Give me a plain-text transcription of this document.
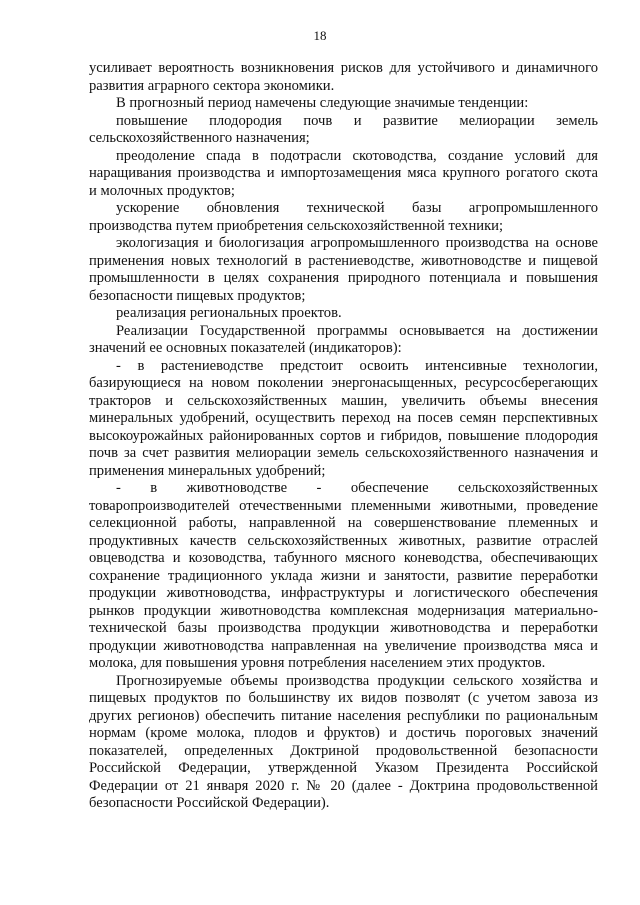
18
усиливает вероятность возникновения рисков для устойчивого и динамичного
развития аграрного сектора экономики.
В прогнозный период намечены следующие значимые тенденции:
повышение плодородия почв и развитие мелиорации земель
сельскохозяйственного назначения;
преодоление спада в подотрасли скотоводства, создание условий для
наращивания производства и импортозамещения мяса крупного рогатого скота
и молочных продуктов;
ускорение обновления технической базы агропромышленного
производства путем приобретения сельскохозяйственной техники;
экологизация и биологизация агропромышленного производства на основе
применения новых технологий в растениеводстве, животноводстве и пищевой
промышленности в целях сохранения природного потенциала и повышения
безопасности пищевых продуктов;
реализация региональных проектов.
Реализации Государственной программы основывается на достижении
значений ее основных показателей (индикаторов):
- в растениеводстве предстоит освоить интенсивные технологии,
базирующиеся на новом поколении энергонасыщенных, ресурсосберегающих
тракторов и сельскохозяйственных машин, увеличить объемы внесения
минеральных удобрений, осуществить переход на посев семян перспективных
высокоурожайных районированных сортов и гибридов, повышение плодородия
почв за счет развития мелиорации земель сельскохозяйственного назначения и
применения минеральных удобрений;
- в животноводстве - обеспечение сельскохозяйственных
товаропроизводителей отечественными племенными животными, проведение
селекционной работы, направленной на совершенствование племенных и
продуктивных качеств сельскохозяйственных животных, развитие отраслей
овцеводства и козоводства, табунного мясного коневодства, обеспечивающих
сохранение традиционного уклада жизни и занятости, развитие переработки
продукции животноводства, инфраструктуры и логистического обеспечения
рынков продукции животноводства комплексная модернизация материально-
технической базы производства продукции животноводства и переработки
продукции животноводства направленная на увеличение производства мяса и
молока, для повышения уровня потребления населением этих продуктов.
Прогнозируемые объемы производства продукции сельского хозяйства и
пищевых продуктов по большинству их видов позволят (с учетом завоза из
других регионов) обеспечить питание населения республики по рациональным
нормам (кроме молока, плодов и фруктов) и достичь пороговых значений
показателей, определенных Доктриной продовольственной безопасности
Российской Федерации, утвержденной Указом Президента Российской
Федерации от 21 января 2020 г. № 20 (далее - Доктрина продовольственной
безопасности Российской Федерации).
